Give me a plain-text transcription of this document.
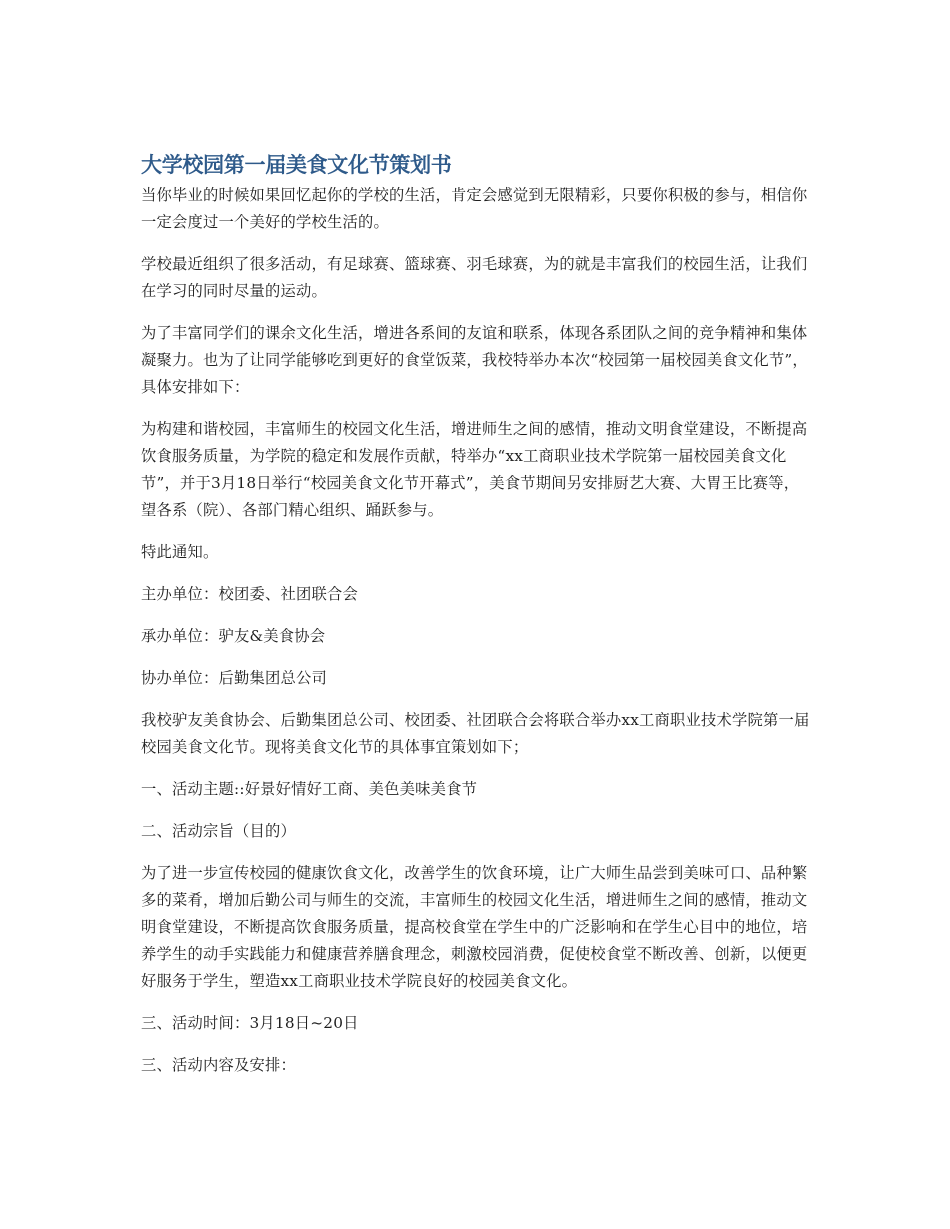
大学校园第一届美食文化节策划书

当你毕业的时候如果回忆起你的学校的生活，肯定会感觉到无限精彩，只要你积极的参与，相信你一定会度过一个美好的学校生活的。

学校最近组织了很多活动，有足球赛、篮球赛、羽毛球赛，为的就是丰富我们的校园生活，让我们在学习的同时尽量的运动。

为了丰富同学们的课余文化生活，增进各系间的友谊和联系，体现各系团队之间的竞争精神和集体凝聚力。也为了让同学能够吃到更好的食堂饭菜，我校特举办本次“校园第一届校园美食文化节”，具体安排如下：

为构建和谐校园，丰富师生的校园文化生活，增进师生之间的感情，推动文明食堂建设，不断提高饮食服务质量，为学院的稳定和发展作贡献，特举办“xx工商职业技术学院第一届校园美食文化节”，并于3月18日举行“校园美食文化节开幕式”，美食节期间另安排厨艺大赛、大胃王比赛等，望各系（院）、各部门精心组织、踊跃参与。

特此通知。

主办单位：校团委、社团联合会

承办单位：驴友&美食协会

协办单位：后勤集团总公司

我校驴友美食协会、后勤集团总公司、校团委、社团联合会将联合举办xx工商职业技术学院第一届校园美食文化节。现将美食文化节的具体事宜策划如下；

一、活动主题::好景好情好工商、美色美味美食节

二、活动宗旨（目的）

为了进一步宣传校园的健康饮食文化，改善学生的饮食环境，让广大师生品尝到美味可口、品种繁多的菜肴，增加后勤公司与师生的交流，丰富师生的校园文化生活，增进师生之间的感情，推动文明食堂建设，不断提高饮食服务质量，提高校食堂在学生中的广泛影响和在学生心目中的地位，培养学生的动手实践能力和健康营养膳食理念，刺激校园消费，促使校食堂不断改善、创新，以便更好服务于学生，塑造xx工商职业技术学院良好的校园美食文化。

三、活动时间：3月18日~20日

三、活动内容及安排：
